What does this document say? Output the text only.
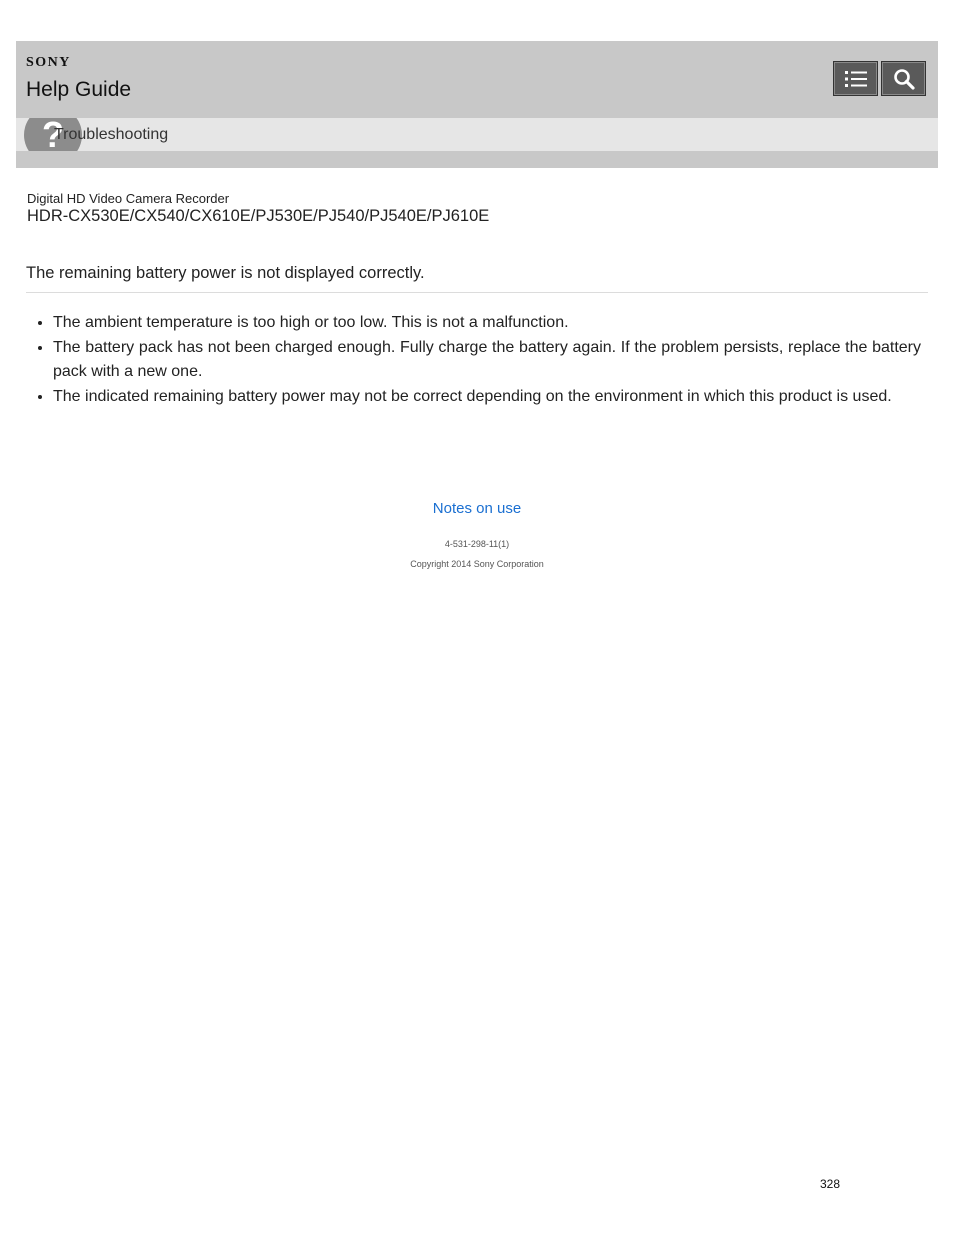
SONY
Help Guide
?
Troubleshooting
Digital HD Video Camera Recorder
HDR-CX530E/CX540/CX610E/PJ530E/PJ540/PJ540E/PJ610E
The remaining battery power is not displayed correctly.
• The ambient temperature is too high or too low. This is not a malfunction.
• The battery pack has not been charged enough. Fully charge the battery again. If the problem persists, replace the battery pack with a new one.
• The indicated remaining battery power may not be correct depending on the environment in which this product is used.
Notes on use
4-531-298-11(1)
Copyright 2014 Sony Corporation
328
